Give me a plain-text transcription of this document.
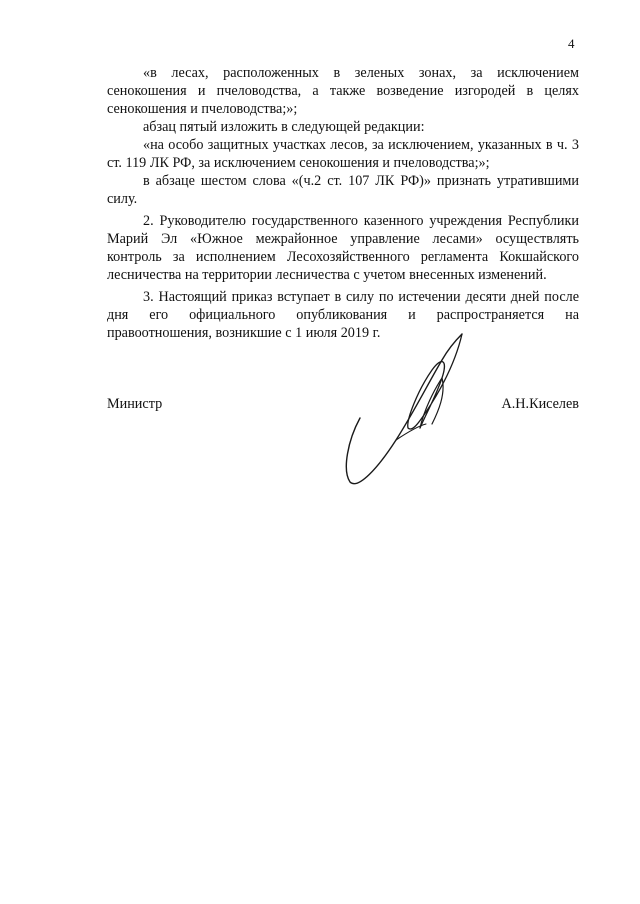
4

«в лесах, расположенных в зеленых зонах, за исключением сенокошения и пчеловодства, а также возведение изгородей в целях сенокошения и пчеловодства;»;

абзац пятый изложить в следующей редакции:

«на особо защитных участках лесов, за исключением, указанных в ч. 3 ст. 119 ЛК РФ, за исключением сенокошения и пчеловодства;»;

в абзаце шестом слова «(ч.2 ст. 107 ЛК РФ)» признать утратившими силу.

2. Руководителю государственного казенного учреждения Республики Марий Эл «Южное межрайонное управление лесами» осуществлять контроль за исполнением Лесохозяйственного регламента Кокшайского лесничества на территории лесничества с учетом внесенных изменений.

3. Настоящий приказ вступает в силу по истечении десяти дней после дня его официального опубликования и распространяется на правоотношения, возникшие с 1 июля 2019 г.

Министр	А.Н.Киселев
